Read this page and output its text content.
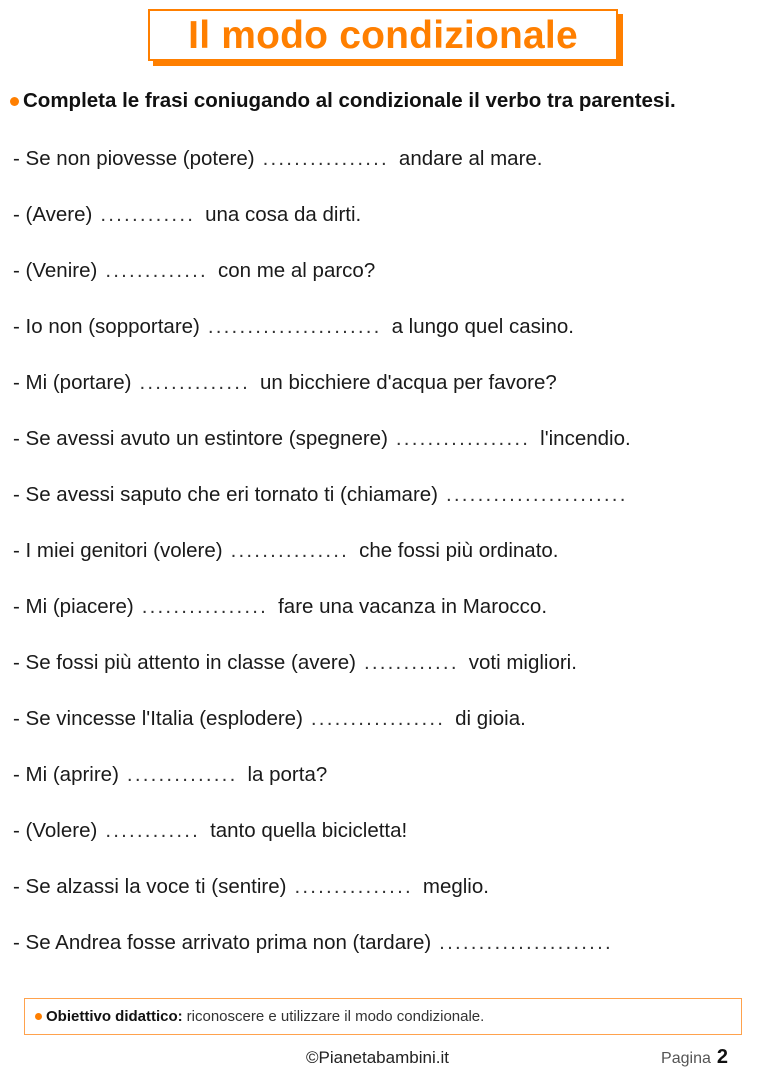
Il modo condizionale
Completa le frasi coniugando al condizionale il verbo tra parentesi.
- Se non piovesse (potere) ................ andare al mare.
- (Avere) ............ una cosa da dirti.
- (Venire) ............. con me al parco?
- Io non (sopportare) ...................... a lungo quel casino.
- Mi (portare) .............. un bicchiere d'acqua per favore?
- Se avessi avuto un estintore (spegnere) ................. l'incendio.
- Se avessi saputo che eri tornato ti (chiamare) .......................
- I miei genitori (volere) ............... che fossi più ordinato.
- Mi (piacere) ................ fare una vacanza in Marocco.
- Se fossi più attento in classe (avere) ............ voti migliori.
- Se vincesse l'Italia (esplodere) ................. di gioia.
- Mi (aprire) .............. la porta?
- (Volere) ............ tanto quella bicicletta!
- Se alzassi la voce ti (sentire) ............... meglio.
- Se Andrea fosse arrivato prima non (tardare) ......................
Obiettivo didattico: riconoscere e utilizzare il modo condizionale.
©Pianetabambini.it	Pagina 2
